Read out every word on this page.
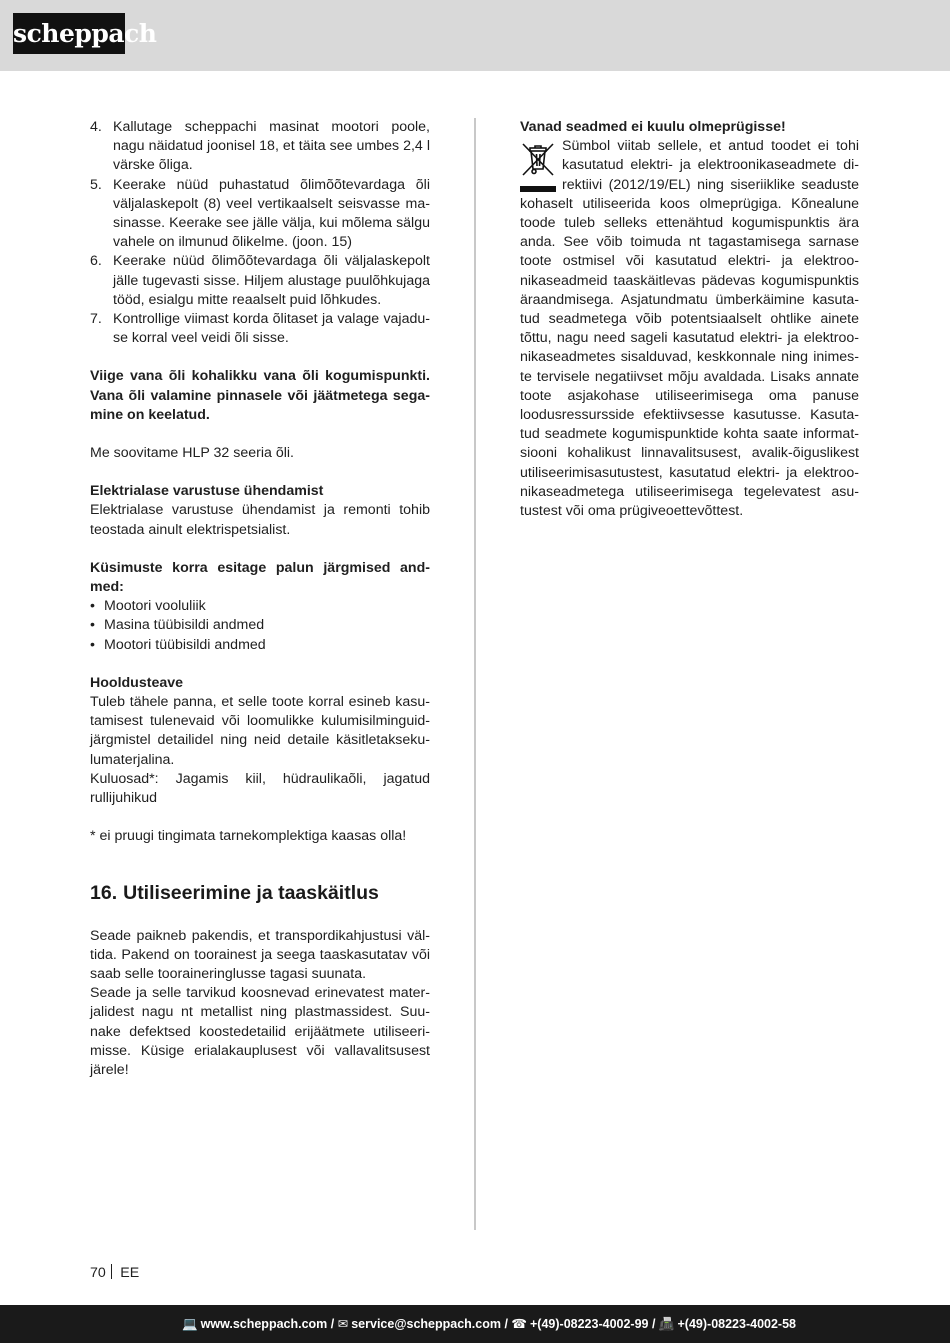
scheppach
4. Kallutage scheppachi masinat mootori poole, nagu näidatud joonisel 18, et täita see umbes 2,4 l värske õliga.
5. Keerake nüüd puhastatud õlimõõtevardaga õli väljalaskepolt (8) veel vertikaalselt seisvasse masinasse. Keerake see jälle välja, kui mõlema sälgu vahele on ilmunud õlikelme. (joon. 15)
6. Keerake nüüd õlimõõtevardaga õli väljalaskepolt jälle tugevasti sisse. Hiljem alustage puulõhkujaga tööd, esialgu mitte reaalselt puid lõhkudes.
7. Kontrollige viimast korda õlitaset ja valage vajaduse korral veel veidi õli sisse.

Viige vana õli kohalikku vana õli kogumispunkti. Vana õli valamine pinnasele või jäätmetega segamine on keelatud.

Me soovitame HLP 32 seeria õli.

Elektrialase varustuse ühendamist

Elektrialase varustuse ühendamist ja remonti tohib teostada ainult elektrispetsialist.

Küsimuste korra esitage palun järgmised andmed:

• Mootori vooluliik
• Masina tüübisildi andmed
• Mootori tüübisildi andmed

Hooldusteave

Tuleb tähele panna, et selle toote korral esineb kasutamisest tulenevaid või loomulikke kulumisilminguidjärgmistel detailidel ning neid detaile käsitletaksekulumaterjalina.

Kuluosad*: Jagamis kiil, hüdraulikaõli, jagatud rullijuhikud

* ei pruugi tingimata tarnekomplektiga kaasas olla!

16. Utiliseerimine ja taaskäitlus

Seade paikneb pakendis, et transpordikahjustusi vältida. Pakend on toorainest ja seega taaskasutatav või saab selle tooraineringlusse tagasi suunata.

Seade ja selle tarvikud koosnevad erinevatest materjalidest nagu nt metallist ning plastmassidest. Suunake defektsed koostedetailid erijäätmete utiliseerimisse. Küsige erialakauplusest või vallavalitsusest järele!

Vanad seadmed ei kuulu olmeprügisse!

Sümbol viitab sellele, et antud toodet ei tohi kasutatud elektri- ja elektroonikaseadmete direktiivi (2012/19/EL) ning siseriiklike seaduste kohaselt utiliseerida koos olmeprügiga. Kõnealune toode tuleb selleks ettenähtud kogumispunktis ära anda. See võib toimuda nt tagastamisega sarnase toote ostmisel või kasutatud elektri- ja elektroonikaseadmeid taaskäitlevas pädevas kogumispunktis äraandmisega. Asjatundmatu ümberkäimine kasutatud seadmetega võib potentsiaalselt ohtlike ainete tõttu, nagu need sageli kasutatud elektri- ja elektroonikaseadmetes sisalduvad, keskkonnale ning inimeste tervisele negatiivset mõju avaldada. Lisaks annate toote asjakohase utiliseerimisega oma panuse loodusressursside efektiivsesse kasutusse. Kasutatud seadmete kogumispunktide kohta saate informatsiooni kohalikust linnavalitsusest, avalik-õiguslikest utiliseerimisasutustest, kasutatud elektri- ja elektroonikaseadmetega utiliseerimisega tegelevatest asutustest või oma prügiveoettevõttest.

70 EE
💻 www.scheppach.com / ✉ service@scheppach.com / ☎ +(49)-08223-4002-99 / 📠 +(49)-08223-4002-58
